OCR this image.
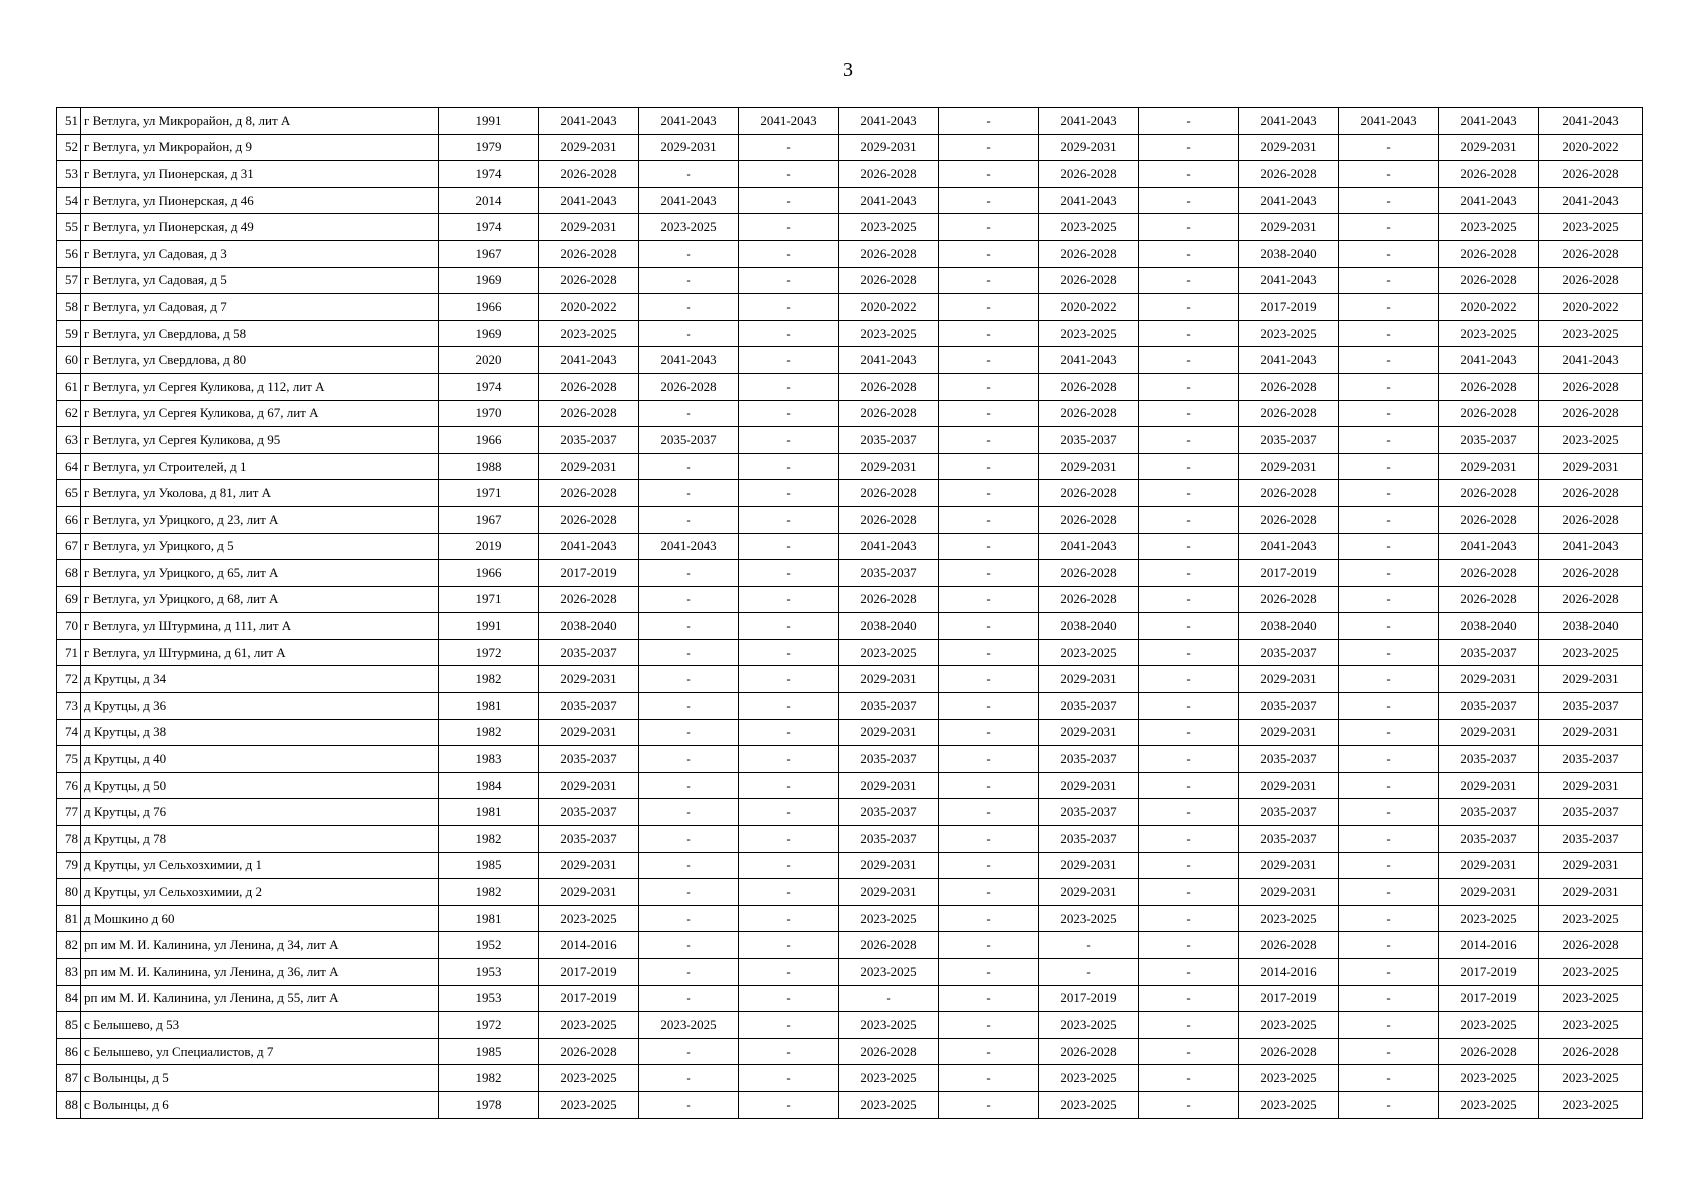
3
51	г Ветлуга, ул Микрорайон, д 8, лит А	1991	2041-2043	2041-2043	2041-2043	2041-2043	-	2041-2043	-	2041-2043	2041-2043	2041-2043	2041-2043
52	г Ветлуга, ул Микрорайон, д 9	1979	2029-2031	2029-2031	-	2029-2031	-	2029-2031	-	2029-2031	-	2029-2031	2020-2022
53	г Ветлуга, ул Пионерская, д 31	1974	2026-2028	-	-	2026-2028	-	2026-2028	-	2026-2028	-	2026-2028	2026-2028
54	г Ветлуга, ул Пионерская, д 46	2014	2041-2043	2041-2043	-	2041-2043	-	2041-2043	-	2041-2043	-	2041-2043	2041-2043
55	г Ветлуга, ул Пионерская, д 49	1974	2029-2031	2023-2025	-	2023-2025	-	2023-2025	-	2029-2031	-	2023-2025	2023-2025
56	г Ветлуга, ул Садовая, д 3	1967	2026-2028	-	-	2026-2028	-	2026-2028	-	2038-2040	-	2026-2028	2026-2028
57	г Ветлуга, ул Садовая, д 5	1969	2026-2028	-	-	2026-2028	-	2026-2028	-	2041-2043	-	2026-2028	2026-2028
58	г Ветлуга, ул Садовая, д 7	1966	2020-2022	-	-	2020-2022	-	2020-2022	-	2017-2019	-	2020-2022	2020-2022
59	г Ветлуга, ул Свердлова, д 58	1969	2023-2025	-	-	2023-2025	-	2023-2025	-	2023-2025	-	2023-2025	2023-2025
60	г Ветлуга, ул Свердлова, д 80	2020	2041-2043	2041-2043	-	2041-2043	-	2041-2043	-	2041-2043	-	2041-2043	2041-2043
61	г Ветлуга, ул Сергея Куликова, д 112, лит А	1974	2026-2028	2026-2028	-	2026-2028	-	2026-2028	-	2026-2028	-	2026-2028	2026-2028
62	г Ветлуга, ул Сергея Куликова, д 67, лит А	1970	2026-2028	-	-	2026-2028	-	2026-2028	-	2026-2028	-	2026-2028	2026-2028
63	г Ветлуга, ул Сергея Куликова, д 95	1966	2035-2037	2035-2037	-	2035-2037	-	2035-2037	-	2035-2037	-	2035-2037	2023-2025
64	г Ветлуга, ул Строителей, д 1	1988	2029-2031	-	-	2029-2031	-	2029-2031	-	2029-2031	-	2029-2031	2029-2031
65	г Ветлуга, ул Уколова, д 81, лит А	1971	2026-2028	-	-	2026-2028	-	2026-2028	-	2026-2028	-	2026-2028	2026-2028
66	г Ветлуга, ул Урицкого, д 23, лит А	1967	2026-2028	-	-	2026-2028	-	2026-2028	-	2026-2028	-	2026-2028	2026-2028
67	г Ветлуга, ул Урицкого, д 5	2019	2041-2043	2041-2043	-	2041-2043	-	2041-2043	-	2041-2043	-	2041-2043	2041-2043
68	г Ветлуга, ул Урицкого, д 65, лит А	1966	2017-2019	-	-	2035-2037	-	2026-2028	-	2017-2019	-	2026-2028	2026-2028
69	г Ветлуга, ул Урицкого, д 68, лит А	1971	2026-2028	-	-	2026-2028	-	2026-2028	-	2026-2028	-	2026-2028	2026-2028
70	г Ветлуга, ул Штурмина, д 111, лит А	1991	2038-2040	-	-	2038-2040	-	2038-2040	-	2038-2040	-	2038-2040	2038-2040
71	г Ветлуга, ул Штурмина, д 61, лит А	1972	2035-2037	-	-	2023-2025	-	2023-2025	-	2035-2037	-	2035-2037	2023-2025
72	д Крутцы, д 34	1982	2029-2031	-	-	2029-2031	-	2029-2031	-	2029-2031	-	2029-2031	2029-2031
73	д Крутцы, д 36	1981	2035-2037	-	-	2035-2037	-	2035-2037	-	2035-2037	-	2035-2037	2035-2037
74	д Крутцы, д 38	1982	2029-2031	-	-	2029-2031	-	2029-2031	-	2029-2031	-	2029-2031	2029-2031
75	д Крутцы, д 40	1983	2035-2037	-	-	2035-2037	-	2035-2037	-	2035-2037	-	2035-2037	2035-2037
76	д Крутцы, д 50	1984	2029-2031	-	-	2029-2031	-	2029-2031	-	2029-2031	-	2029-2031	2029-2031
77	д Крутцы, д 76	1981	2035-2037	-	-	2035-2037	-	2035-2037	-	2035-2037	-	2035-2037	2035-2037
78	д Крутцы, д 78	1982	2035-2037	-	-	2035-2037	-	2035-2037	-	2035-2037	-	2035-2037	2035-2037
79	д Крутцы, ул Сельхозхимии, д 1	1985	2029-2031	-	-	2029-2031	-	2029-2031	-	2029-2031	-	2029-2031	2029-2031
80	д Крутцы, ул Сельхозхимии, д 2	1982	2029-2031	-	-	2029-2031	-	2029-2031	-	2029-2031	-	2029-2031	2029-2031
81	д Мошкино д 60	1981	2023-2025	-	-	2023-2025	-	2023-2025	-	2023-2025	-	2023-2025	2023-2025
82	рп им М. И. Калинина, ул Ленина, д 34, лит А	1952	2014-2016	-	-	2026-2028	-	-	-	2026-2028	-	2014-2016	2026-2028
83	рп им М. И. Калинина, ул Ленина, д 36, лит А	1953	2017-2019	-	-	2023-2025	-	-	-	2014-2016	-	2017-2019	2023-2025
84	рп им М. И. Калинина, ул Ленина, д 55, лит А	1953	2017-2019	-	-	-	-	2017-2019	-	2017-2019	-	2017-2019	2023-2025
85	с Белышево, д 53	1972	2023-2025	2023-2025	-	2023-2025	-	2023-2025	-	2023-2025	-	2023-2025	2023-2025
86	с Белышево, ул Специалистов, д 7	1985	2026-2028	-	-	2026-2028	-	2026-2028	-	2026-2028	-	2026-2028	2026-2028
87	с Волынцы, д 5	1982	2023-2025	-	-	2023-2025	-	2023-2025	-	2023-2025	-	2023-2025	2023-2025
88	с Волынцы, д 6	1978	2023-2025	-	-	2023-2025	-	2023-2025	-	2023-2025	-	2023-2025	2023-2025
